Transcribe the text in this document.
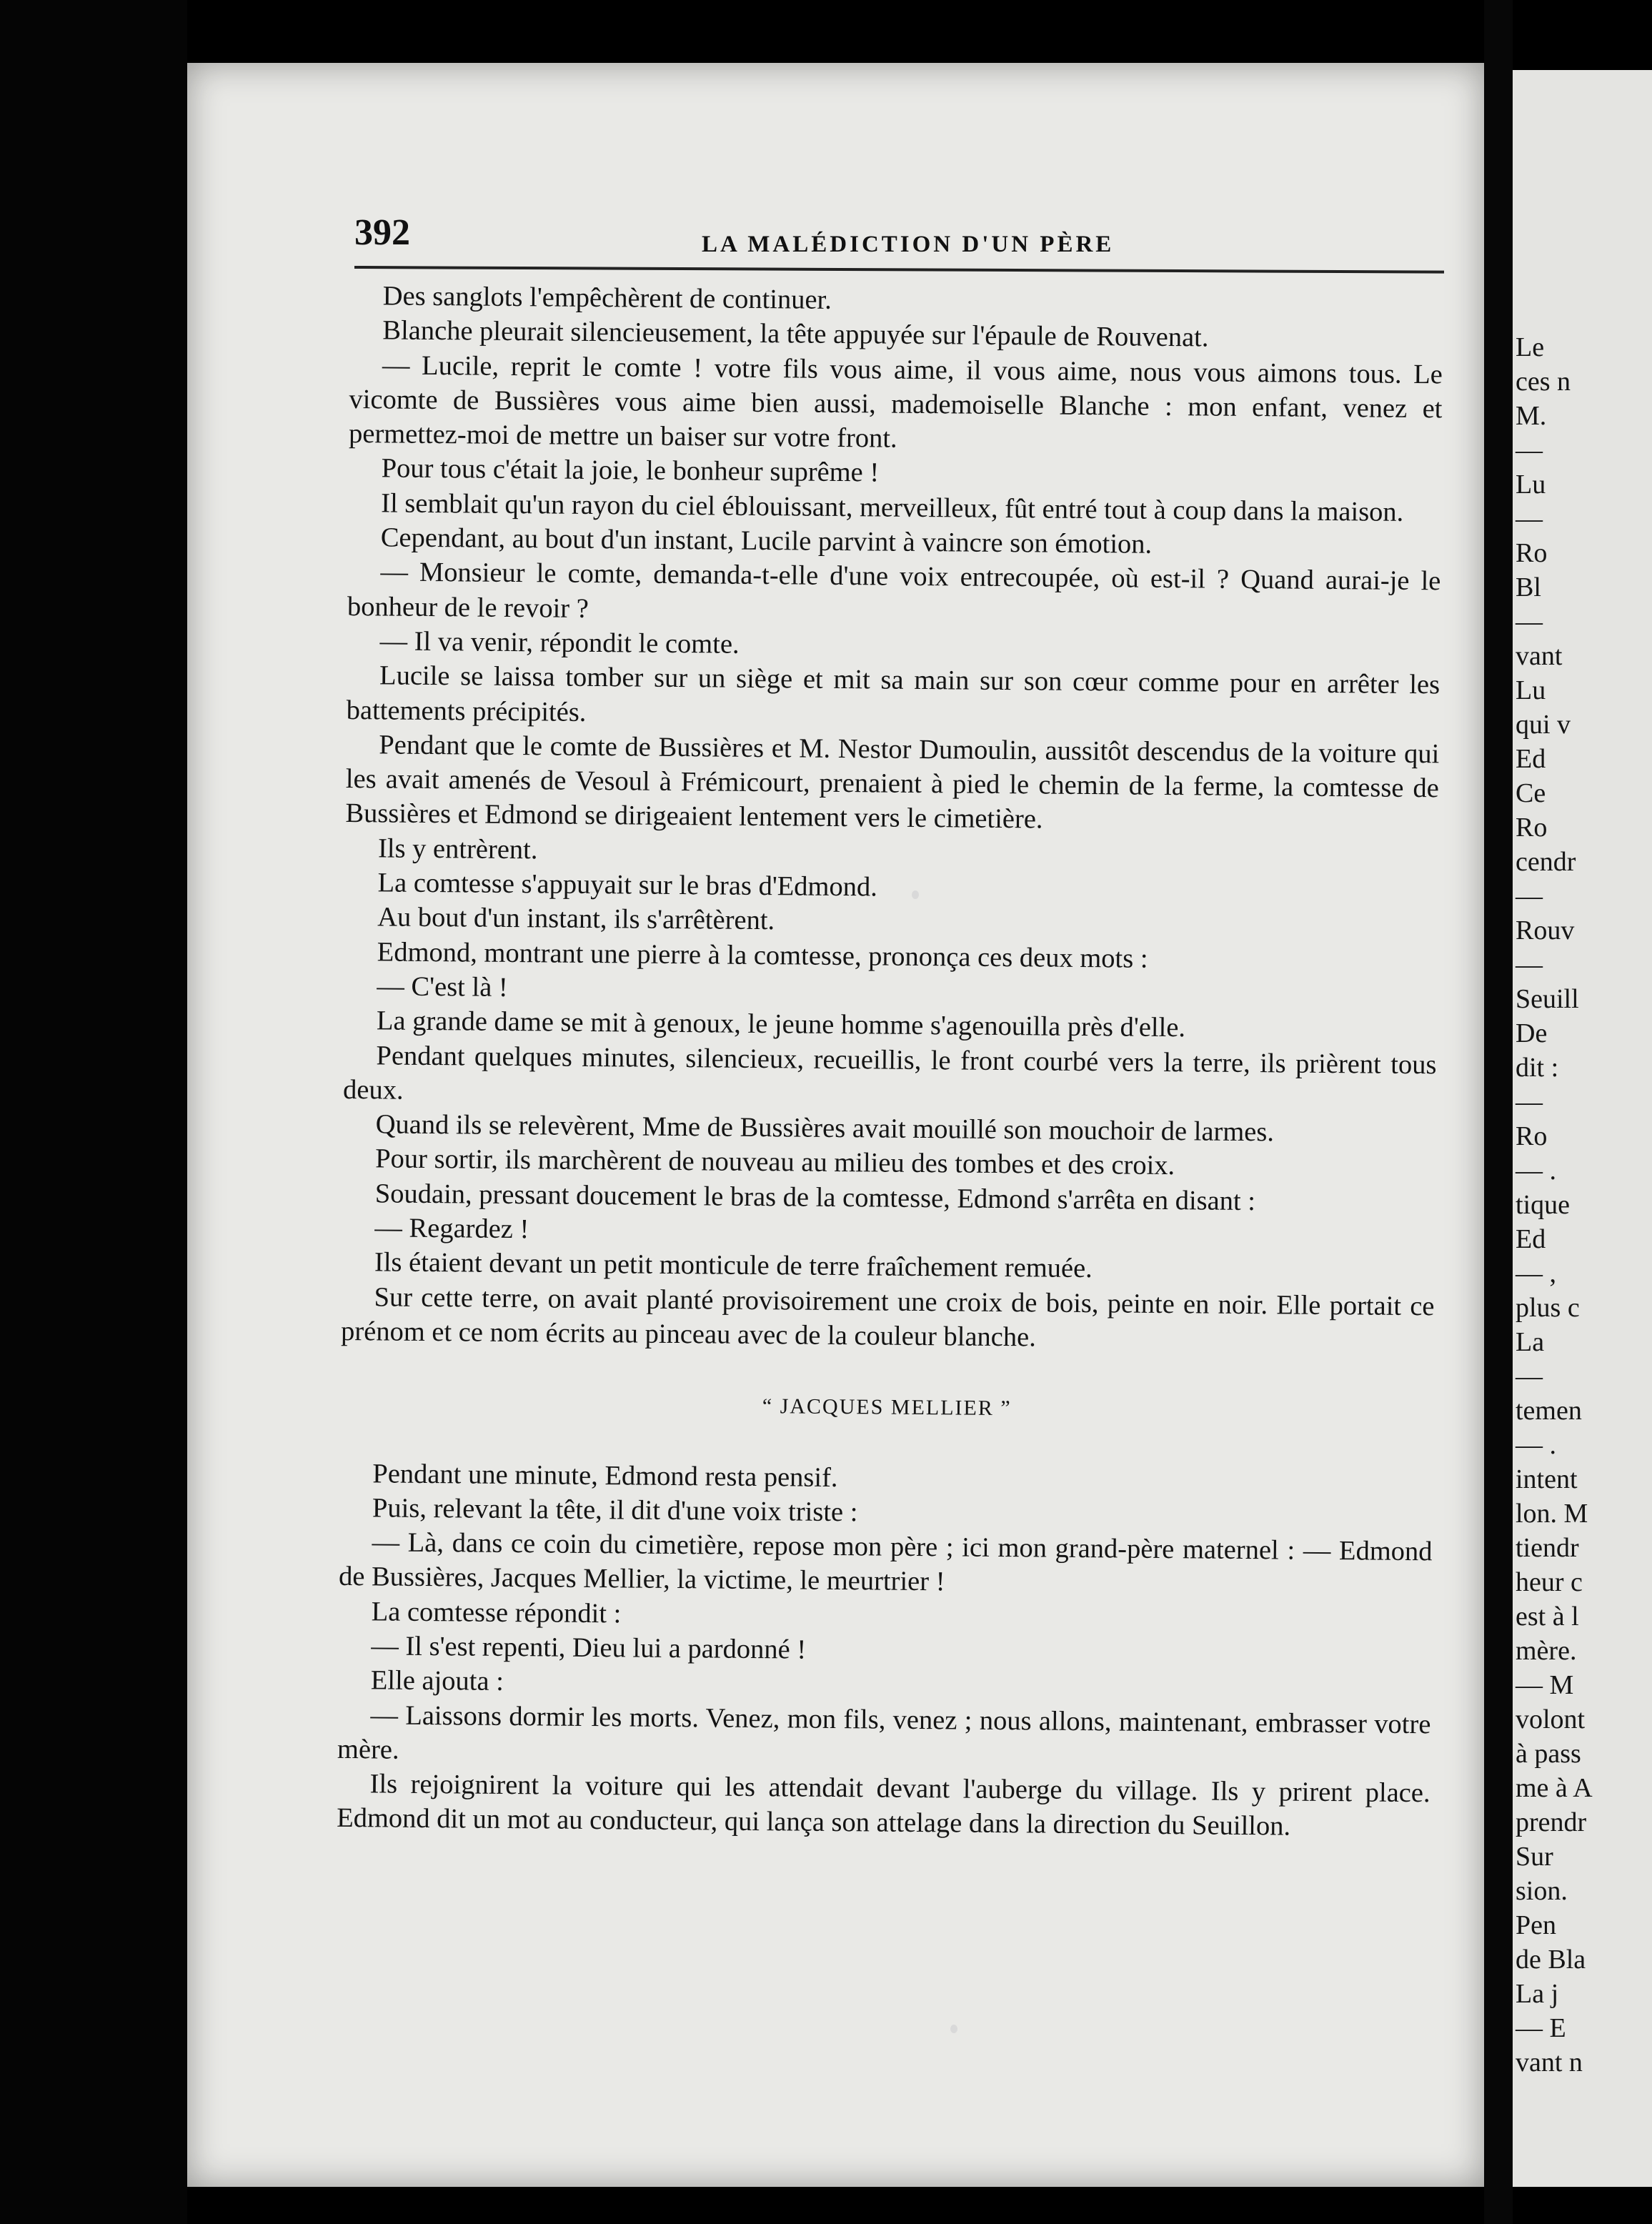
392	LA MALÉDICTION D'UN PÈRE

Des sanglots l'empêchèrent de continuer.

Blanche pleurait silencieusement, la tête appuyée sur l'épaule de Rouvenat.

— Lucile, reprit le comte ! votre fils vous aime, il vous aime, nous vous aimons tous. Le vicomte de Bussières vous aime bien aussi, mademoiselle Blanche : mon enfant, venez et permettez-moi de mettre un baiser sur votre front.

Pour tous c'était la joie, le bonheur suprême !

Il semblait qu'un rayon du ciel éblouissant, merveilleux, fût entré tout à coup dans la maison.

Cependant, au bout d'un instant, Lucile parvint à vaincre son émotion.

— Monsieur le comte, demanda-t-elle d'une voix entrecoupée, où est-il ? Quand aurai-je le bonheur de le revoir ?

— Il va venir, répondit le comte.

Lucile se laissa tomber sur un siège et mit sa main sur son cœur comme pour en arrêter les battements précipités.

Pendant que le comte de Bussières et M. Nestor Dumoulin, aussitôt descendus de la voiture qui les avait amenés de Vesoul à Frémicourt, prenaient à pied le chemin de la ferme, la comtesse de Bussières et Edmond se dirigeaient lentement vers le cimetière.

Ils y entrèrent.

La comtesse s'appuyait sur le bras d'Edmond.

Au bout d'un instant, ils s'arrêtèrent.

Edmond, montrant une pierre à la comtesse, prononça ces deux mots :

— C'est là !

La grande dame se mit à genoux, le jeune homme s'agenouilla près d'elle.

Pendant quelques minutes, silencieux, recueillis, le front courbé vers la terre, ils prièrent tous deux.

Quand ils se relevèrent, Mme de Bussières avait mouillé son mouchoir de larmes.

Pour sortir, ils marchèrent de nouveau au milieu des tombes et des croix.

Soudain, pressant doucement le bras de la comtesse, Edmond s'arrêta en disant :

— Regardez !

Ils étaient devant un petit monticule de terre fraîchement remuée.

Sur cette terre, on avait planté provisoirement une croix de bois, peinte en noir. Elle portait ce prénom et ce nom écrits au pinceau avec de la couleur blanche.

“ JACQUES MELLIER ”

Pendant une minute, Edmond resta pensif.

Puis, relevant la tête, il dit d'une voix triste :

— Là, dans ce coin du cimetière, repose mon père ; ici mon grand-père maternel : — Edmond de Bussières, Jacques Mellier, la victime, le meurtrier !

La comtesse répondit :

— Il s'est repenti, Dieu lui a pardonné !

Elle ajouta :

— Laissons dormir les morts. Venez, mon fils, venez ; nous allons, maintenant, embrasser votre mère.

Ils rejoignirent la voiture qui les attendait devant l'auberge du village. Ils y prirent place. Edmond dit un mot au conducteur, qui lança son attelage dans la direction du Seuillon.

Le

ces n

M.

—

Lu

—

Ro

Bl

—

vant

Lu

qui v

Ed

Ce

Ro

cendr

—

Rouv

—

Seuill

De

dit :

—

Ro

— .

tique

Ed

— ,

plus c

La

—

temen

— .

intent

lon. M

tiendr

heur c

est à l

mère.

— M

volont

à pass

me à A

prendr

Sur

sion.

Pen

de Bla

La j

— E

vant n
